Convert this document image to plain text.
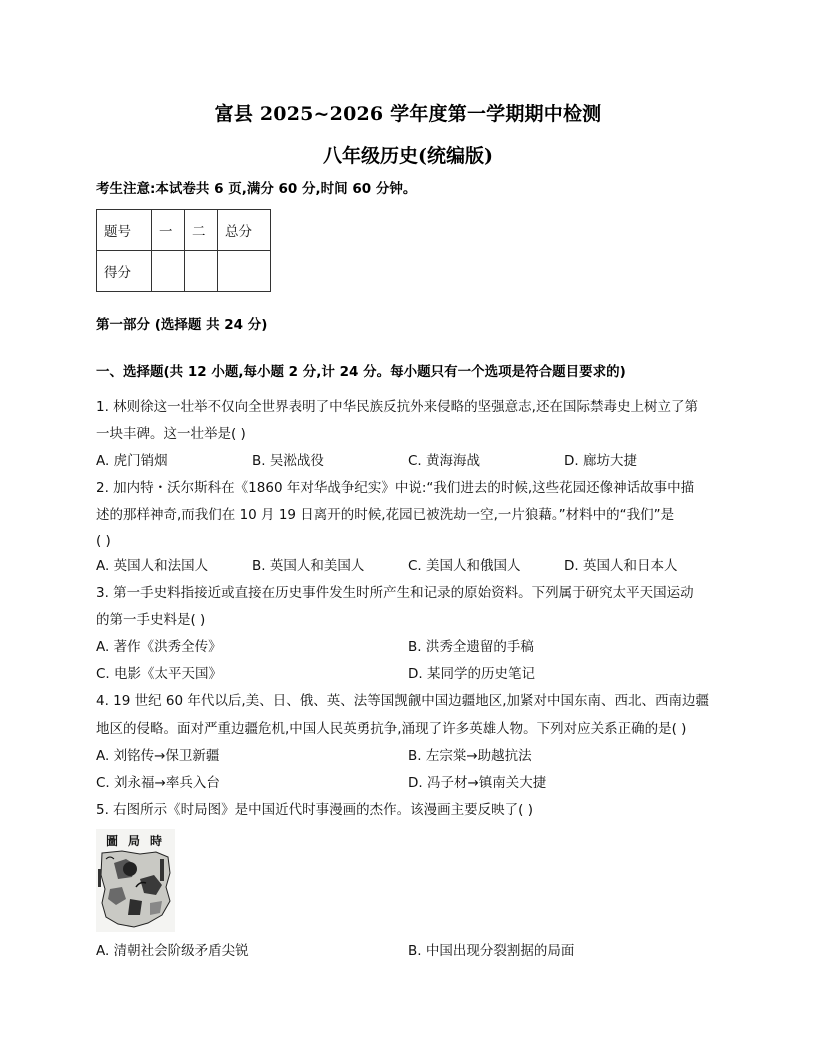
富县 2025~2026 学年度第一学期期中检测
八年级历史(统编版)
考生注意:本试卷共 6 页,满分 60 分,时间 60 分钟。
题号	一	二	总分
得分			
第一部分 (选择题 共 24 分)
一、选择题(共 12 小题,每小题 2 分,计 24 分。每小题只有一个选项是符合题目要求的)
1. 林则徐这一壮举不仅向全世界表明了中华民族反抗外来侵略的坚强意志,还在国际禁毒史上树立了第
一块丰碑。这一壮举是( )
A. 虎门销烟	B. 吴淞战役	C. 黄海海战	D. 廊坊大捷
2. 加内特・沃尔斯科在《1860 年对华战争纪实》中说:“我们进去的时候,这些花园还像神话故事中描
述的那样神奇,而我们在 10 月 19 日离开的时候,花园已被洗劫一空,一片狼藉。”材料中的“我们”是
( )
A. 英国人和法国人	B. 英国人和美国人	C. 美国人和俄国人	D. 英国人和日本人
3. 第一手史料指接近或直接在历史事件发生时所产生和记录的原始资料。下列属于研究太平天国运动
的第一手史料是( )
A. 著作《洪秀全传》	B. 洪秀全遗留的手稿
C. 电影《太平天国》	D. 某同学的历史笔记
4. 19 世纪 60 年代以后,美、日、俄、英、法等国觊觎中国边疆地区,加紧对中国东南、西北、西南边疆
地区的侵略。面对严重边疆危机,中国人民英勇抗争,涌现了许多英雄人物。下列对应关系正确的是( )
A. 刘铭传→保卫新疆	B. 左宗棠→助越抗法
C. 刘永福→率兵入台	D. 冯子材→镇南关大捷
5. 右图所示《时局图》是中国近代时事漫画的杰作。该漫画主要反映了( )
圖 局 時
A. 清朝社会阶级矛盾尖锐	B. 中国出现分裂割据的局面
